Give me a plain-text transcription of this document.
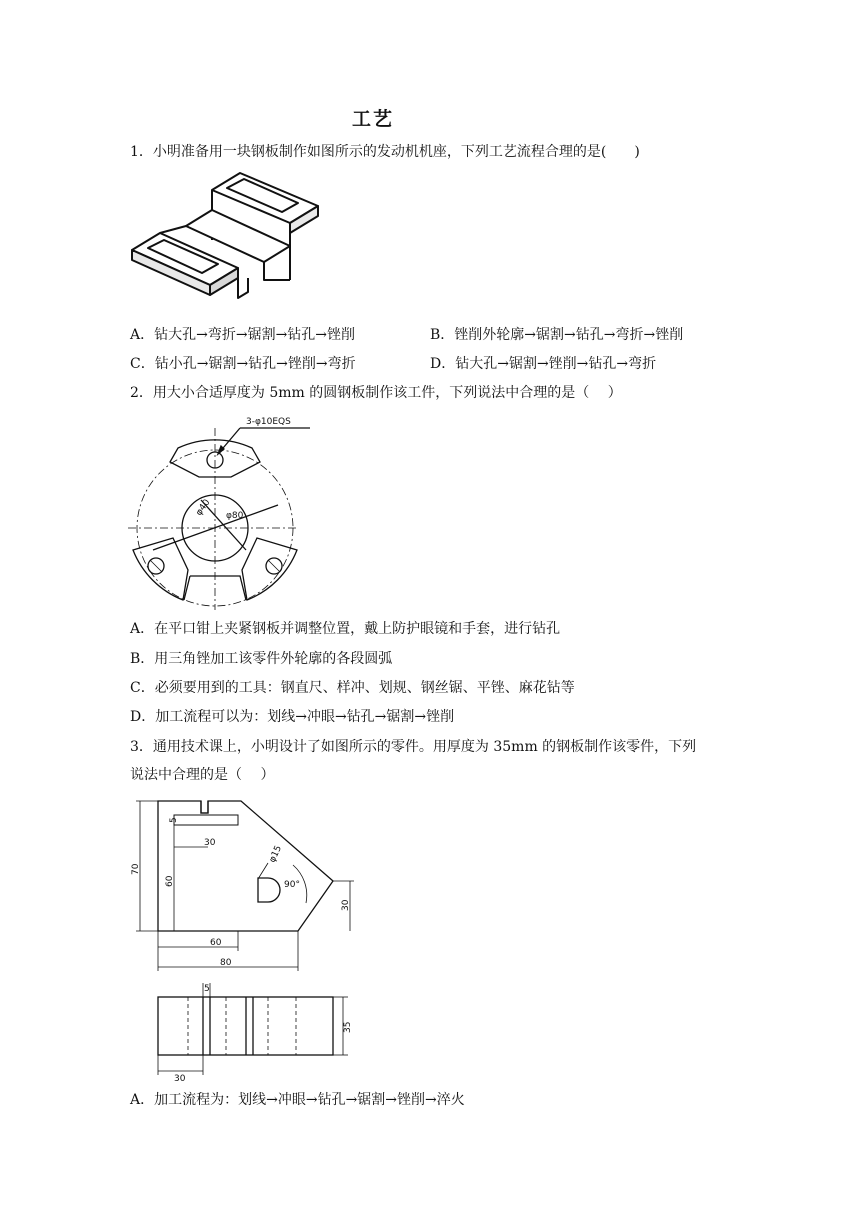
工艺
1．小明准备用一块钢板制作如图所示的发动机机座，下列工艺流程合理的是(　　)
A．钻大孔→弯折→锯割→钻孔→锉削	B．锉削外轮廓→锯割→钻孔→弯折→锉削
C．钻小孔→锯割→钻孔→锉削→弯折	D．钻大孔→锯割→锉削→钻孔→弯折
2．用大小合适厚度为 5mm 的圆钢板制作该工件，下列说法中合理的是（　 ）
3-φ10EQS
φ40 φ80
A．在平口钳上夹紧钢板并调整位置，戴上防护眼镜和手套，进行钻孔
B．用三角锉加工该零件外轮廓的各段圆弧
C．必须要用到的工具：钢直尺、样冲、划规、钢丝锯、平锉、麻花钻等
D．加工流程可以为：划线→冲眼→钻孔→锯割→锉削
3．通用技术课上，小明设计了如图所示的零件。用厚度为 35mm 的钢板制作该零件，下列
说法中合理的是（　 ）
5
30
φ15
90°
70
60
30
60
80
5
35
30
A．加工流程为：划线→冲眼→钻孔→锯割→锉削→淬火
